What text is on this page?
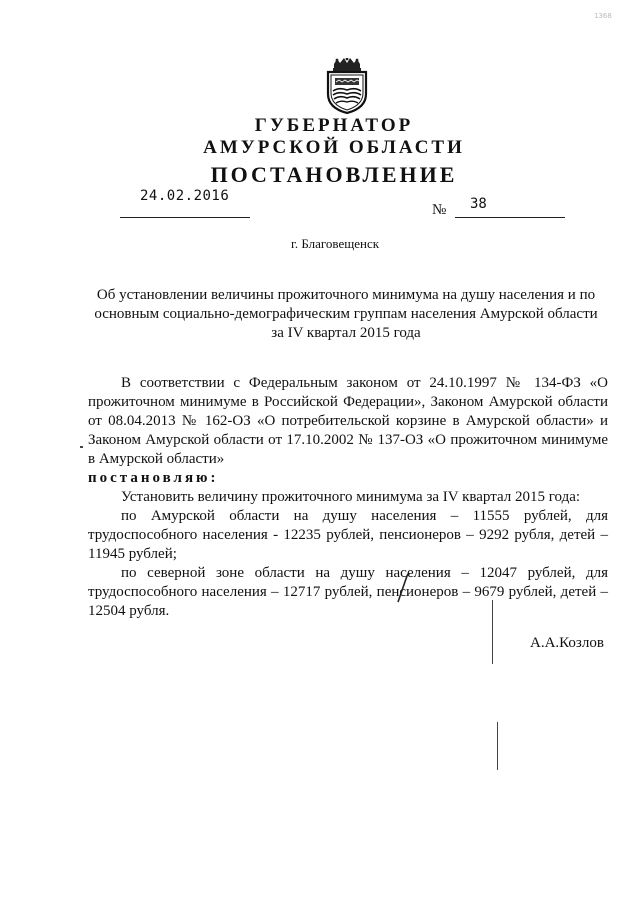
1368
ГУБЕРНАТОР
АМУРСКОЙ ОБЛАСТИ
ПОСТАНОВЛЕНИЕ
24.02.2016
№ 38
г. Благовещенск
Об установлении величины прожиточного минимума на душу населения и по
основным социально-демографическим группам населения Амурской области
за IV квартал 2015 года

В соответствии с Федеральным законом от 24.10.1997 № 134-ФЗ «О прожиточном минимуме в Российской Федерации», Законом Амурской области от 08.04.2013 № 162-ОЗ «О потребительской корзине в Амурской области» и Законом Амурской области от 17.10.2002 № 137-ОЗ «О прожиточном минимуме в Амурской области»

постановляю:

Установить величину прожиточного минимума за IV квартал 2015 года:

по Амурской области на душу населения – 11555 рублей, для трудоспособного населения - 12235 рублей, пенсионеров – 9292 рубля, детей – 11945 рублей;

по северной зоне области на душу населения – 12047 рублей, для трудоспособного населения – 12717 рублей, пенсионеров – 9679 рублей, детей – 12504 рубля.

А.А.Козлов
